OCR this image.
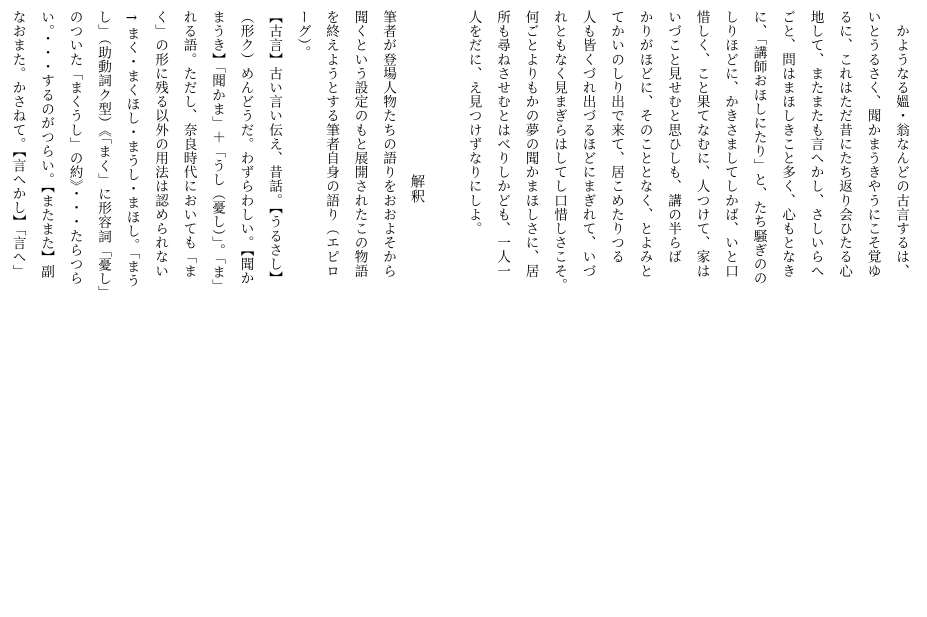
　かようなる媼・翁なんどの古言するは、

いとうるさく、聞かまうきやうにこそ覚ゆ

るに、これはただ昔にたち返り会ひたる心

地して、またまたも言へかし、さしいらへ

ごと、問はまほしきこと多く、心もとなき

に、「講師おほしにたり」と、たち騒ぎのの

しりほどに、かきさましてしかば、いと口

惜しく、こと果てなむに、人つけて、家は

いづこと見せむと思ひしも、講の半らば

かりがほどに、そのこととなく、とよみと

てかいのしり出で来て、居こめたりつる

人も皆くづれ出づるほどにまぎれて、いづ

れともなく見まぎらはしてし口惜しさこそ。

何ごとよりもかの夢の聞かまほしさに、居

所も尋ねさせむとはべりしかども、一人一

人をだに、え見つけずなりにしよ。

　　　　　　　　　　　解釈

筆者が登場人物たちの語りをおおよそから

聞くという設定のもと展開されたこの物語

を終えようとする筆者自身の語り（エピロ

ーグ）。

【古言】古い言い伝え、昔話。【うるさし】

（形ク）めんどうだ。わずらわしい。【聞か

まうき】「聞かま」＋「うし（憂し）」。「ま」

れる語。ただし、奈良時代においても「ま

く」の形に残る以外の用法は認められない

→まく・まくほし・まうし・まほし。「まう

し」（助動詞ク型）《「まく」に形容詞「憂し」

のついた「まくうし」の約》・・・たらつら

い。・・・するのがつらい。【またまた】副

なおまた。かさねて。【言へかし】「言へ」
